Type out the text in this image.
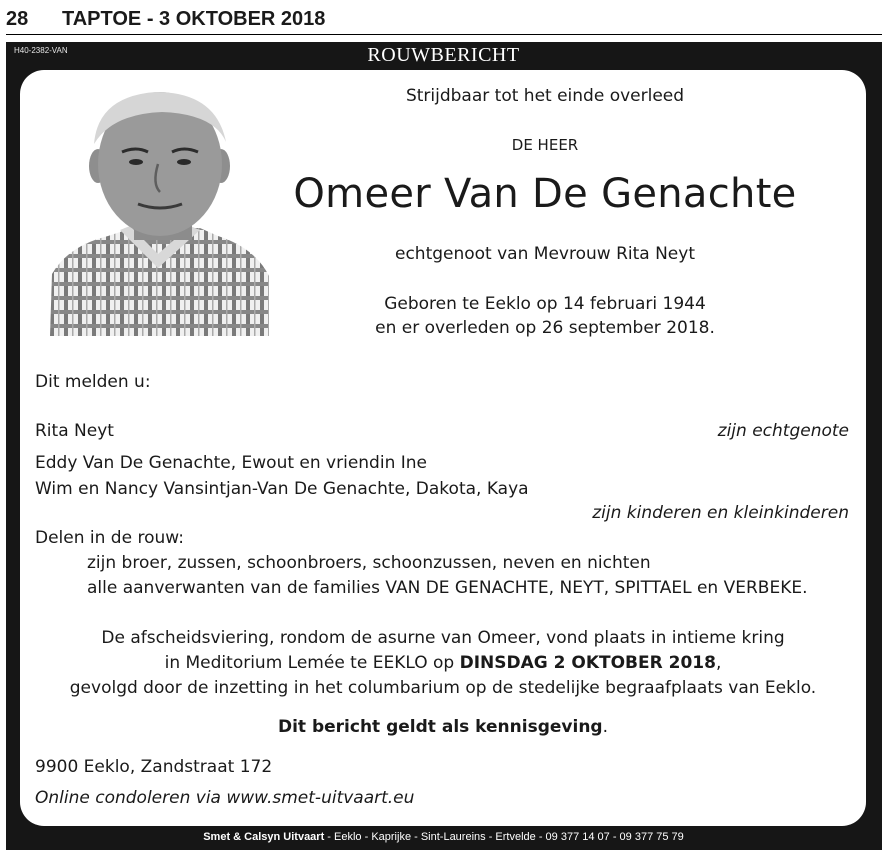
28 TAPTOE - 3 OKTOBER 2018
H40-2382-VAN	ROUWBERICHT
Strijdbaar tot het einde overleed
DE HEER
Omeer Van De Genachte
echtgenoot van Mevrouw Rita Neyt
Geboren te Eeklo op 14 februari 1944
en er overleden op 26 september 2018.
Dit melden u:
Rita Neyt	zijn echtgenote
Eddy Van De Genachte, Ewout en vriendin Ine
Wim en Nancy Vansintjan-Van De Genachte, Dakota, Kaya
zijn kinderen en kleinkinderen
Delen in de rouw:
zijn broer, zussen, schoonbroers, schoonzussen, neven en nichten
alle aanverwanten van de families VAN DE GENACHTE, NEYT, SPITTAEL en VERBEKE.
De afscheidsviering, rondom de asurne van Omeer, vond plaats in intieme kring
in Meditorium Lemée te EEKLO op DINSDAG 2 OKTOBER 2018,
gevolgd door de inzetting in het columbarium op de stedelijke begraafplaats van Eeklo.
Dit bericht geldt als kennisgeving.
9900 Eeklo, Zandstraat 172
Online condoleren via www.smet-uitvaart.eu
Smet & Calsyn Uitvaart - Eeklo - Kaprijke - Sint-Laureins - Ertvelde - 09 377 14 07 - 09 377 75 79
